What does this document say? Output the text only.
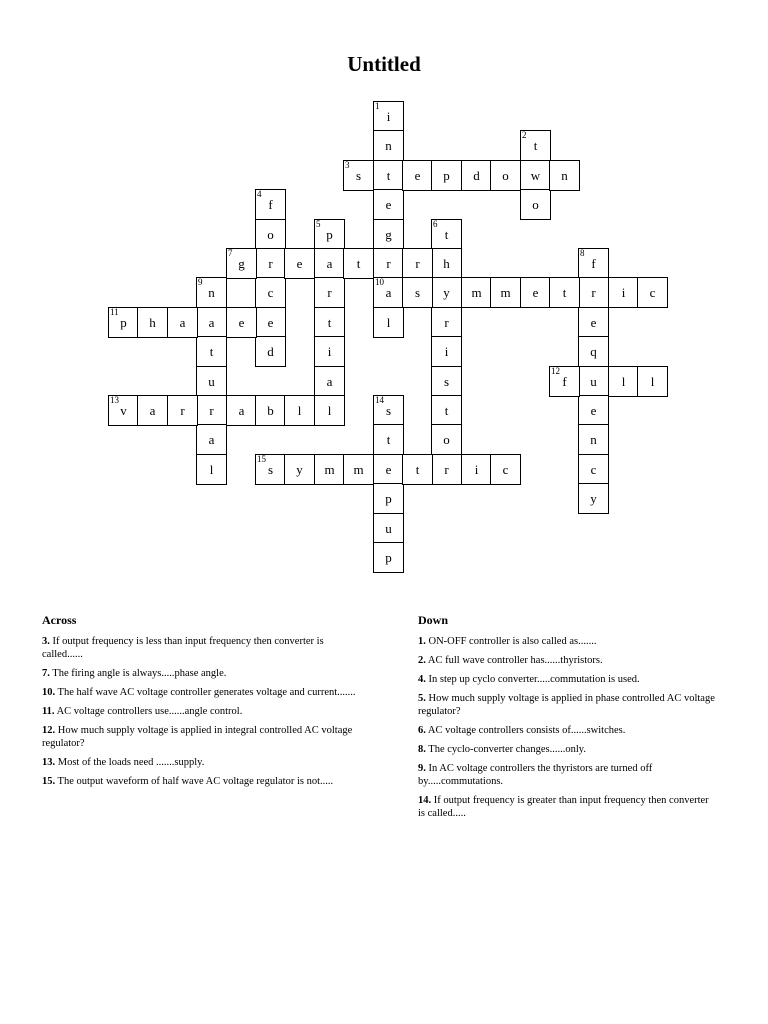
Untitled
1
i
n
t
e
g
r
10
a
l
2
t
w
o
3
s	e	p	d	o	n
4
f
o
r
c
e
d
5
p
a
r
t
i
a
l
6
t
h
y
r
i
s
t
o
r
7
g	e	t	r
8
f
r
e
q
u
e
n
c
y
9
n
a
t
u
r
a
l
s	m	m	e	t	i	c
11
p	h	a	e
12
f	l	l
13
v	a	r	a	b	l
14
s
t
e
p
u
p
15
s	y	m	m	t	i	c
Across
3. If output frequency is less than input frequency then converter is called......
7. The firing angle is always.....phase angle.
10. The half wave AC voltage controller generates voltage and current.......
11. AC voltage controllers use......angle control.
12. How much supply voltage is applied in integral controlled AC voltage regulator?
13. Most of the loads need .......supply.
15. The output waveform of half wave AC voltage regulator is not.....
Down
1. ON-OFF controller is also called as.......
2. AC full wave controller has......thyristors.
4. In step up cyclo converter.....commutation is used.
5. How much supply voltage is applied in phase controlled AC voltage regulator?
6. AC voltage controllers consists of......switches.
8. The cyclo-converter changes......only.
9. In AC voltage controllers the thyristors are turned off by.....commutations.
14. If output frequency is greater than input frequency then converter is called.....
